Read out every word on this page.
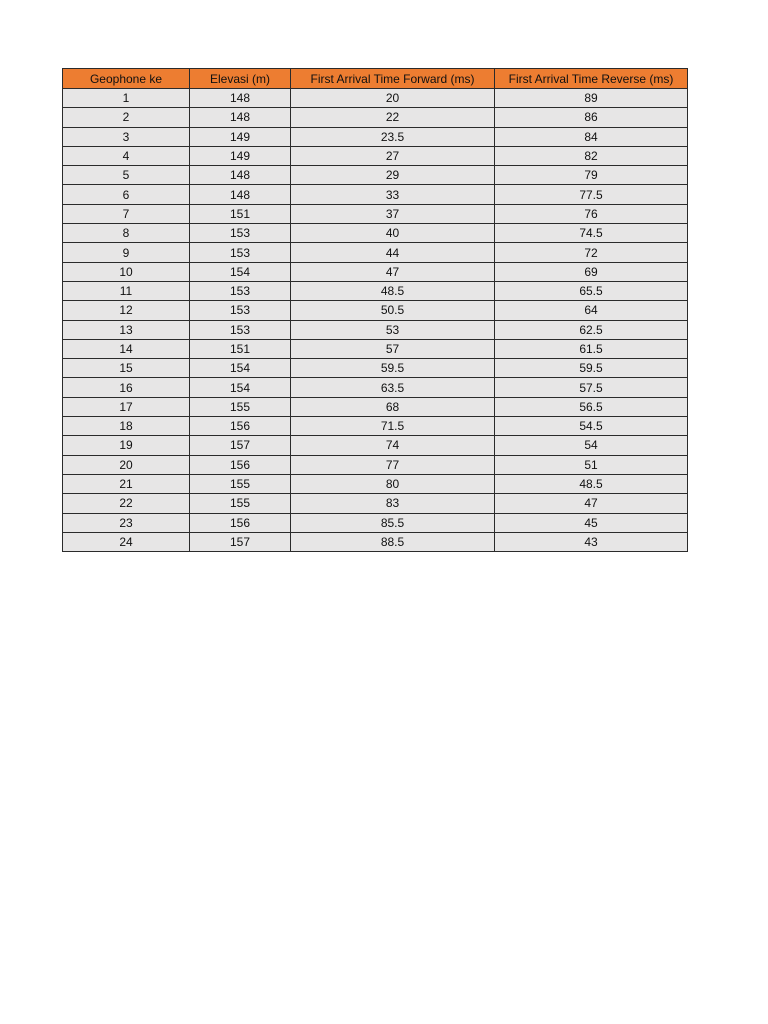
Geophone ke	Elevasi (m)	First Arrival Time Forward (ms)	First Arrival Time Reverse (ms)
1	148	20	89
2	148	22	86
3	149	23.5	84
4	149	27	82
5	148	29	79
6	148	33	77.5
7	151	37	76
8	153	40	74.5
9	153	44	72
10	154	47	69
11	153	48.5	65.5
12	153	50.5	64
13	153	53	62.5
14	151	57	61.5
15	154	59.5	59.5
16	154	63.5	57.5
17	155	68	56.5
18	156	71.5	54.5
19	157	74	54
20	156	77	51
21	155	80	48.5
22	155	83	47
23	156	85.5	45
24	157	88.5	43
